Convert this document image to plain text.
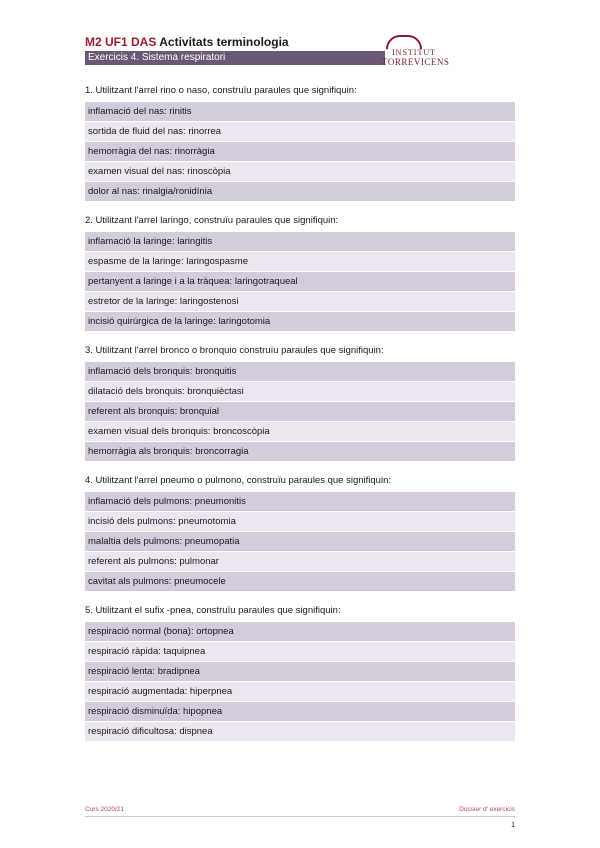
M2 UF1 DAS Activitats terminologia
Exercicis 4. Sistema respiratori	INSTITUT
TORREVICENS
1. Utilitzant l'arrel rino o naso, construïu paraules que signifiquin:
inflamació del nas: rinitis
sortida de fluid del nas: rinorrea
hemorràgia del nas: rinorràgia
examen visual del nas: rinoscòpia
dolor al nas: rinalgia/ronidínia
2. Utilitzant l'arrel laringo, construïu paraules que signifiquin:
inflamació la laringe: laringitis
espasme de la laringe: laringospasme
pertanyent a laringe i a la tràquea: laringotraqueal
estretor de la laringe: laringostenosi
incisió quirúrgica de la laringe: laringotomia
3. Utilitzant l'arrel bronco o bronquio construïu paraules que signifiquin:
inflamació dels bronquis: bronquitis
dilatació dels bronquis: bronquièctasi
referent als bronquis: bronquial
examen visual dels bronquis: broncoscòpia
hemorràgia als bronquis: broncorragia
4. Utilitzant l'arrel pneumo o pulmono, construïu paraules que signifiquin:
inflamació dels pulmons: pneumonitis
incisió dels pulmons: pneumotomia
malaltia dels pulmons: pneumopatia
referent als pulmons: pulmonar
cavitat als pulmons: pneumocele
5. Utilitzant el sufix -pnea, construïu paraules que signifiquin:
respiració normal (bona): ortopnea
respiració ràpida: taquipnea
respiració lenta: bradipnea
respiració augmentada: hiperpnea
respiració disminuïda: hipopnea
respiració dificultosa: dispnea
Curs 2020/21	Dossier d' exercicis
1
